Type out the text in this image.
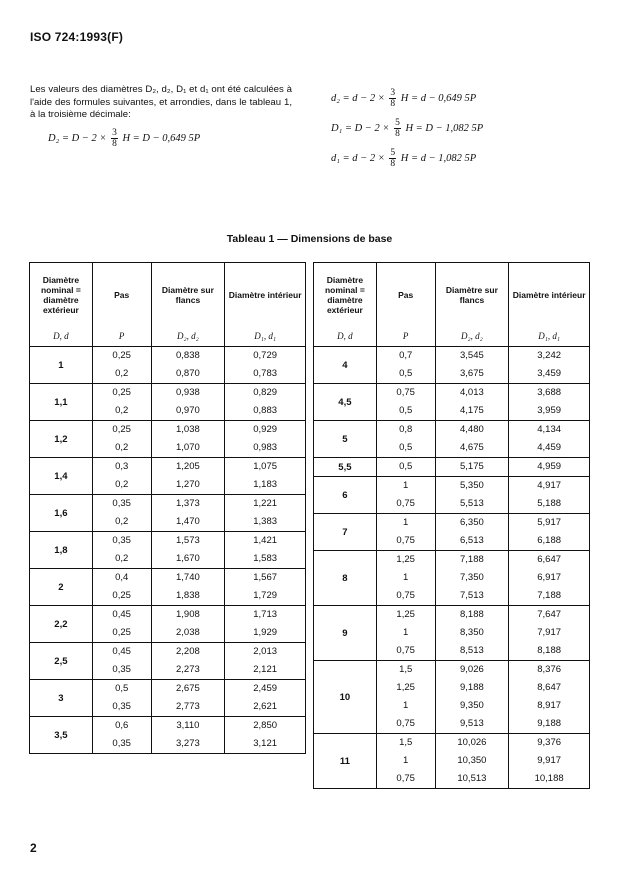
ISO 724:1993(F)
Les valeurs des diamètres D₂, d₂, D₁ et d₁ ont été calculées à l'aide des formules suivantes, et arrondies, dans le tableau 1, à la troisième décimale:
$D_2 = D - 2 \times \frac{3}{8}$ H = D − 0,649 5P
$d_2 = d - 2 \times \frac{3}{8}$ H = d − 0,649 5P
$D_1 = D - 2 \times \frac{5}{8}$ H = D − 1,082 5P
$d_1 = d - 2 \times \frac{5}{8}$ H = d − 1,082 5P
Tableau 1 — Dimensions de base
Diamètre nominal = diamètre extérieur	Pas	Diamètre sur flancs	Diamètre intérieur
D, d	P	D₂, d₂	D₁, d₁
1	0,25	0,838	0,729
	0,2	0,870	0,783
1,1	0,25	0,938	0,829
	0,2	0,970	0,883
1,2	0,25	1,038	0,929
	0,2	1,070	0,983
1,4	0,3	1,205	1,075
	0,2	1,270	1,183
1,6	0,35	1,373	1,221
	0,2	1,470	1,383
1,8	0,35	1,573	1,421
	0,2	1,670	1,583
2	0,4	1,740	1,567
	0,25	1,838	1,729
2,2	0,45	1,908	1,713
	0,25	2,038	1,929
2,5	0,45	2,208	2,013
	0,35	2,273	2,121
3	0,5	2,675	2,459
	0,35	2,773	2,621
3,5	0,6	3,110	2,850
	0,35	3,273	3,121
Diamètre nominal = diamètre extérieur	Pas	Diamètre sur flancs	Diamètre intérieur
D, d	P	D₂, d₂	D₁, d₁
4	0,7	3,545	3,242
	0,5	3,675	3,459
4,5	0,75	4,013	3,688
	0,5	4,175	3,959
5	0,8	4,480	4,134
	0,5	4,675	4,459
5,5	0,5	5,175	4,959
6	1	5,350	4,917
	0,75	5,513	5,188
7	1	6,350	5,917
	0,75	6,513	6,188
8	1,25	7,188	6,647
	1	7,350	6,917
	0,75	7,513	7,188
9	1,25	8,188	7,647
	1	8,350	7,917
	0,75	8,513	8,188
10	1,5	9,026	8,376
	1,25	9,188	8,647
	1	9,350	8,917
	0,75	9,513	9,188
11	1,5	10,026	9,376
	1	10,350	9,917
	0,75	10,513	10,188
2
